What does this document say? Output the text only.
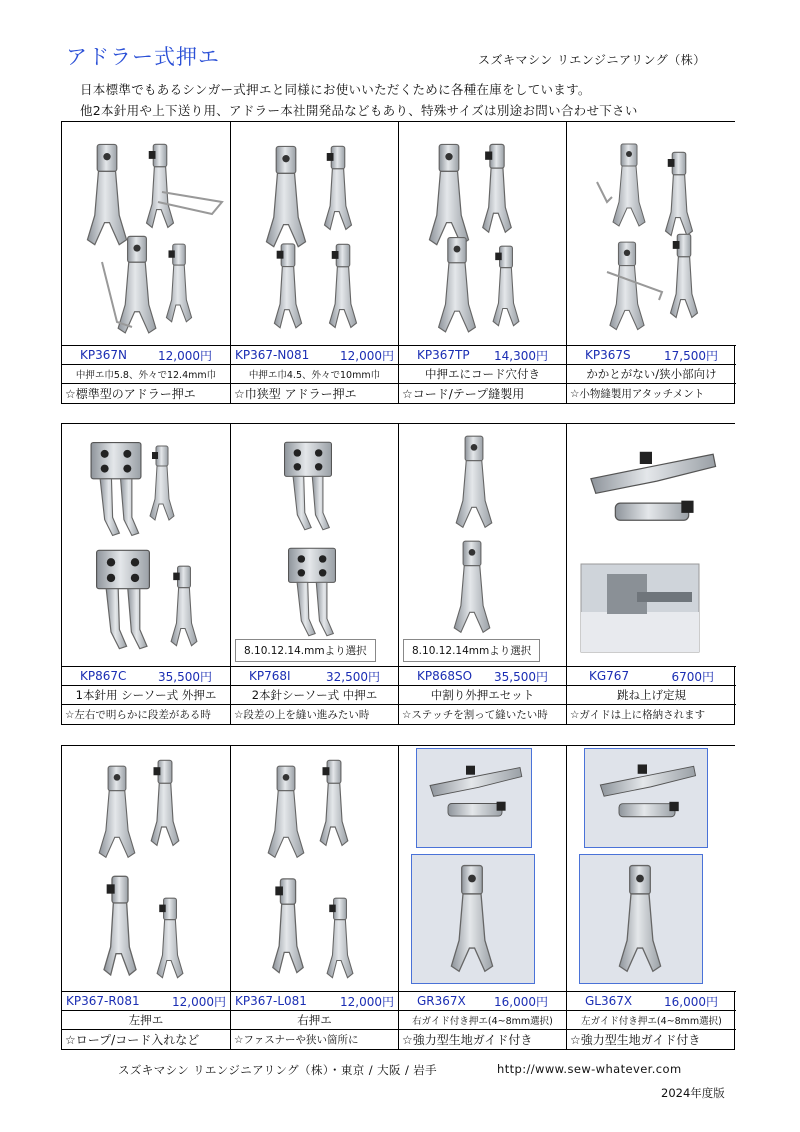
アドラー式押エ	スズキマシン リエンジニアリング（株）
日本標準でもあるシンガー式押エと同様にお使いいただくために各種在庫をしています。
他2本針用や上下送り用、アドラー本社開発品などもあり、特殊サイズは別途お問い合わせ下さい
KP367N	12,000円
中押エ巾5.8、外々で12.4mm巾
☆標準型のアドラー押エ
KP367-N081	12,000円
中押エ巾4.5、外々で10mm巾
☆巾狭型 アドラー押エ
KP367TP 14,300円
中押エにコード穴付き
☆コード/テープ縫製用
KP367S	17,500円
かかとがない/狭小部向け
☆小物縫製用アタッチメント
KP867C	35,500円
1本針用 シーソー式 外押エ
☆左右で明らかに段差がある時
8.10.12.14.mmより選択
KP768I	32,500円
2本針シーソー式 中押エ
☆段差の上を縫い進みたい時
8.10.12.14mmより選択
KP868SO 35,500円
中割り外押エセット
☆ステッチを割って縫いたい時
KG767	6700円
跳ね上げ定規
☆ガイドは上に格納されます
KP367-R081	12,000円
左押エ
☆ロープ/コード入れなど
KP367-L081	12,000円
右押エ
☆ファスナーや狭い箇所に
GR367X 16,000円
右ガイド付き押エ(4~8mm選択)
☆強力型生地ガイド付き
GL367X	16,000円
左ガイド付き押エ(4~8mm選択)
☆強力型生地ガイド付き
スズキマシン リエンジニアリング（株）・東京 / 大阪 / 岩手	http://www.sew-whatever.com
2024年度版
